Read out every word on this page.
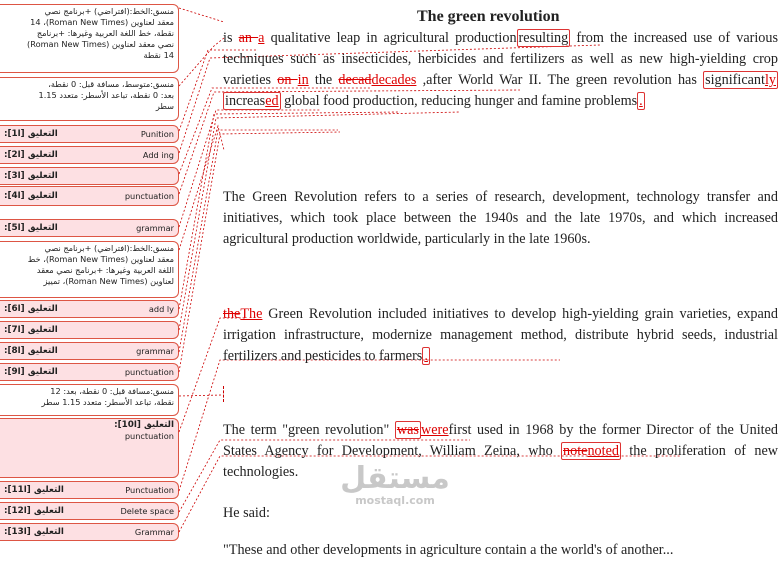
منسق:الخط:(افتراضي) +برنامج نصي
معقد لعناوين (Roman New Times)، 14
نقطة، خط اللغة العربية وغيرها: +برنامج
نصي معقد لعناوين (Roman New Times)
14 نقطة
منسق:متوسط، مسافة قبل: 0 نقطة،
بعد: 0 نقطة، تباعد الأسطر: متعدد 1.15
سطر
التعليق [ا1]:	Punition
التعليق [ا2]:	Add ing
التعليق [ا3]:
التعليق [ا4]:	punctuation
التعليق [ا5]:	grammar
منسق:الخط:(افتراضي) +برنامج نصي
معقد لعناوين (Roman New Times)، خط
اللغة العربية وغيرها: +برنامج نصي معقد
لعناوين (Roman New Times)، تمييز
التعليق [ا6]:	add ly
التعليق [ا7]:
التعليق [ا8]:	grammar
التعليق [ا9]:	punctuation
منسق:مسافة قبل: 0 نقطة، بعد: 12
نقطة، تباعد الأسطر: متعدد 1.15 سطر
التعليق [ا10]:
punctuation
التعليق [ا11]:	Punctuation
التعليق [ا12]:	Delete space
التعليق [ا13]:	Grammar
The green revolution
is an a qualitative leap in agricultural production resulting from the increased use of various techniques such as insecticides, herbicides and fertilizers as well as new high-yielding crop varieties on in the decaddecades ,after World War II. The green revolution has significantly increased global food production, reducing hunger and famine problems .
The Green Revolution refers to a series of research, development, technology transfer and initiatives, which took place between the 1940s and the late 1970s, and which increased agricultural production worldwide, particularly in the late 1960s.
theThe Green Revolution included initiatives to develop high-yielding grain varieties, expand irrigation infrastructure, modernize management method, distribute hybrid seeds, industrial fertilizers and pesticides to farmers .
The term "green revolution" was werefirst used in 1968 by the former Director of the United States Agency for Development, William Zeina, who notenoted the proliferation of new technologies.
He said:
"These and other developments in agriculture contain a the world's of another...
مستقل
mostaql.com
